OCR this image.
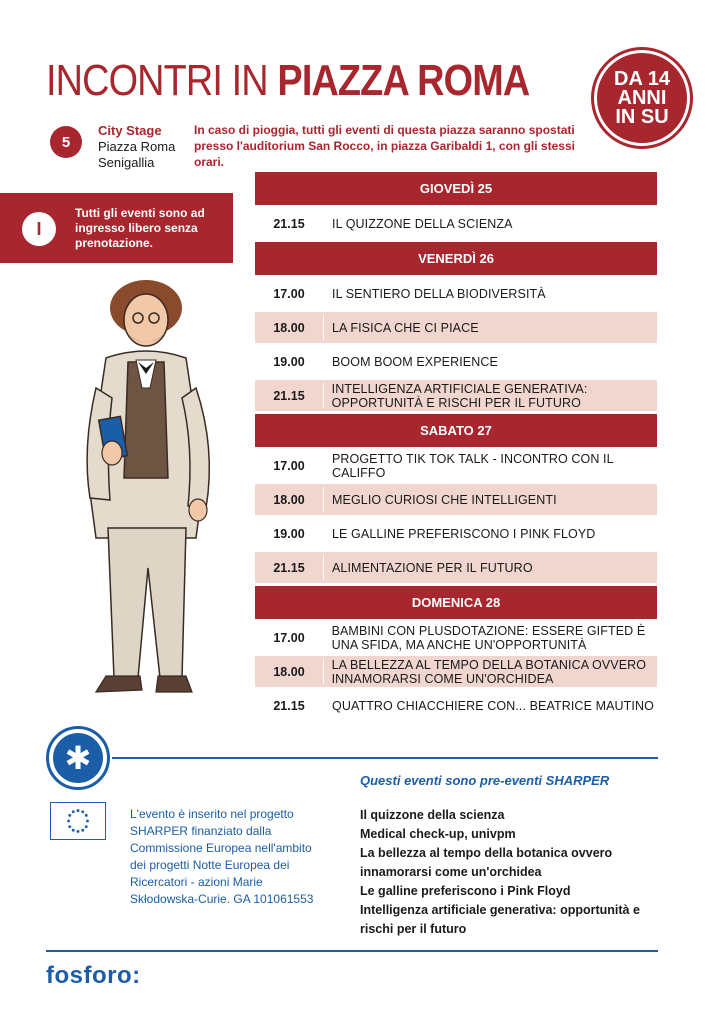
INCONTRI IN PIAZZA ROMA	DA 14
ANNI
IN SU
5
City Stage
Piazza Roma
Senigallia
In caso di pioggia, tutti gli eventi di questa piazza saranno spostati presso l'auditorium San Rocco, in piazza Garibaldi 1, con gli stessi orari.
I
Tutti gli eventi sono ad ingresso libero senza prenotazione.
GIOVEDÌ 25
21.15	IL QUIZZONE DELLA SCIENZA
VENERDÌ 26
17.00	IL SENTIERO DELLA BIODIVERSITÀ
18.00	LA FISICA CHE CI PIACE
19.00	BOOM BOOM EXPERIENCE
21.15	INTELLIGENZA ARTIFICIALE GENERATIVA: OPPORTUNITÀ E RISCHI PER IL FUTURO
SABATO 27
17.00	PROGETTO TIK TOK TALK - INCONTRO CON IL CALIFFO
18.00	MEGLIO CURIOSI CHE INTELLIGENTI
19.00	LE GALLINE PREFERISCONO I PINK FLOYD
21.15	ALIMENTAZIONE PER IL FUTURO
DOMENICA 28
17.00	BAMBINI CON PLUSDOTAZIONE: ESSERE GIFTED È UNA SFIDA, MA ANCHE UN'OPPORTUNITÀ
18.00	LA BELLEZZA AL TEMPO DELLA BOTANICA OVVERO INNAMORARSI COME UN'ORCHIDEA
21.15	QUATTRO CHIACCHIERE CON... BEATRICE MAUTINO
✱
Questi eventi sono pre-eventi SHARPER
L'evento è inserito nel progetto SHARPER finanziato dalla Commissione Europea nell'ambito dei progetti Notte Europea dei Ricercatori - azioni Marie Skłodowska-Curie. GA 101061553
Il quizzone della scienza
Medical check-up, univpm
La bellezza al tempo della botanica ovvero innamorarsi come un'orchidea
Le galline preferiscono i Pink Floyd
Intelligenza artificiale generativa: opportunità e rischi per il futuro
fosforo:
